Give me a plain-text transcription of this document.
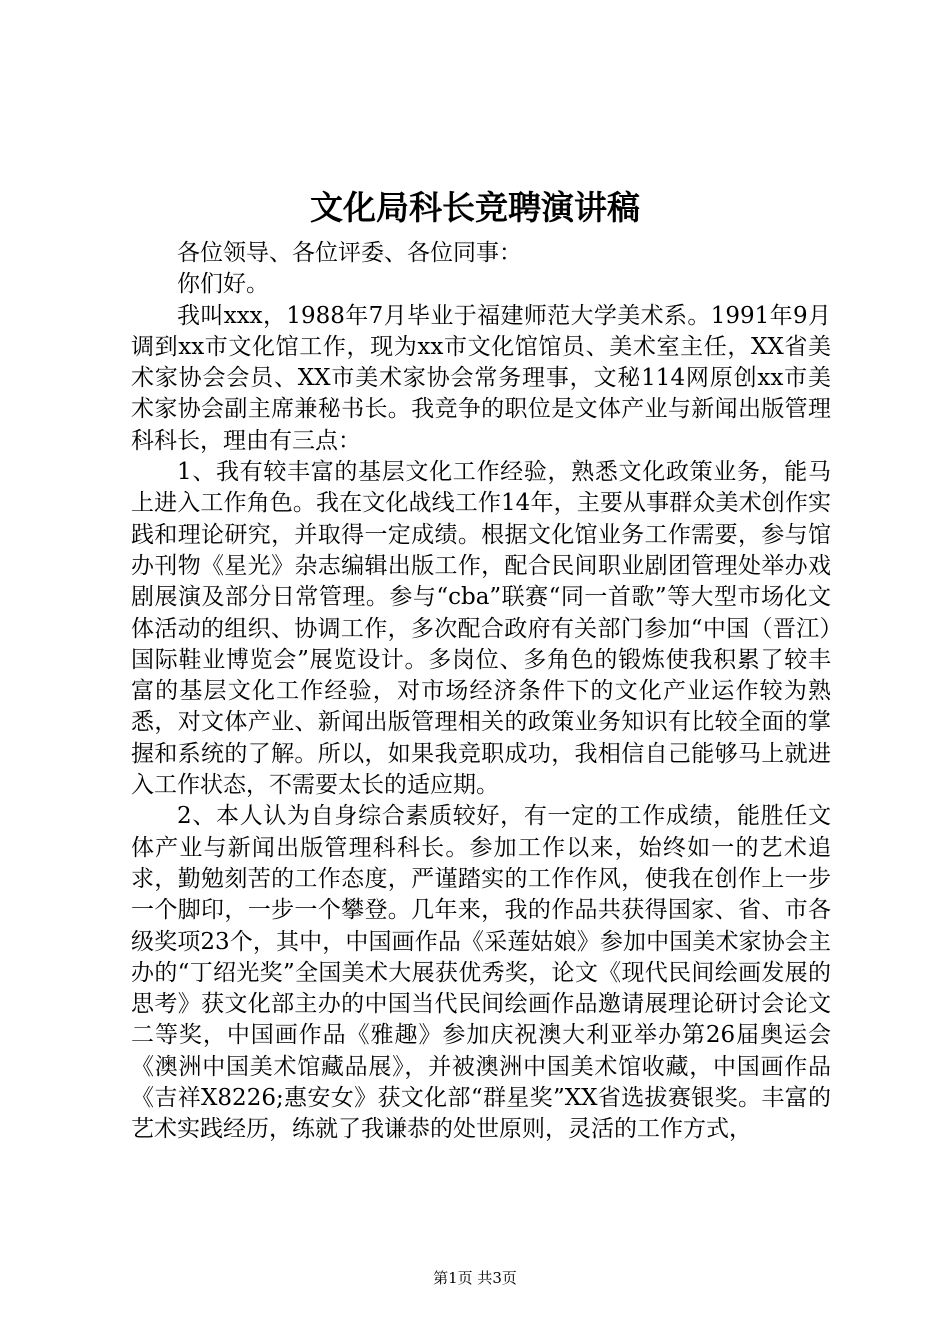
文化局科长竞聘演讲稿

各位领导、各位评委、各位同事：

你们好。

我叫xxx，1988年7月毕业于福建师范大学美术系。1991年9月调到xx市文化馆工作，现为xx市文化馆馆员、美术室主任，XX省美术家协会会员、XX市美术家协会常务理事，文秘114网原创xx市美术家协会副主席兼秘书长。我竞争的职位是文体产业与新闻出版管理科科长，理由有三点：

1、我有较丰富的基层文化工作经验，熟悉文化政策业务，能马上进入工作角色。我在文化战线工作14年，主要从事群众美术创作实践和理论研究，并取得一定成绩。根据文化馆业务工作需要，参与馆办刊物《星光》杂志编辑出版工作，配合民间职业剧团管理处举办戏剧展演及部分日常管理。参与“cba”联赛“同一首歌”等大型市场化文体活动的组织、协调工作，多次配合政府有关部门参加“中国（晋江）国际鞋业博览会”展览设计。多岗位、多角色的锻炼使我积累了较丰富的基层文化工作经验，对市场经济条件下的文化产业运作较为熟悉，对文体产业、新闻出版管理相关的政策业务知识有比较全面的掌握和系统的了解。所以，如果我竞职成功，我相信自己能够马上就进入工作状态，不需要太长的适应期。

2、本人认为自身综合素质较好，有一定的工作成绩，能胜任文体产业与新闻出版管理科科长。参加工作以来，始终如一的艺术追求，勤勉刻苦的工作态度，严谨踏实的工作作风，使我在创作上一步一个脚印，一步一个攀登。几年来，我的作品共获得国家、省、市各级奖项23个，其中，中国画作品《采莲姑娘》参加中国美术家协会主办的“丁绍光奖”全国美术大展获优秀奖，论文《现代民间绘画发展的思考》获文化部主办的中国当代民间绘画作品邀请展理论研讨会论文二等奖，中国画作品《雅趣》参加庆祝澳大利亚举办第26届奥运会《澳洲中国美术馆藏品展》，并被澳洲中国美术馆收藏，中国画作品《吉祥X8226;惠安女》获文化部“群星奖”XX省选拔赛银奖。丰富的艺术实践经历，练就了我谦恭的处世原则，灵活的工作方式，

第1页 共3页
